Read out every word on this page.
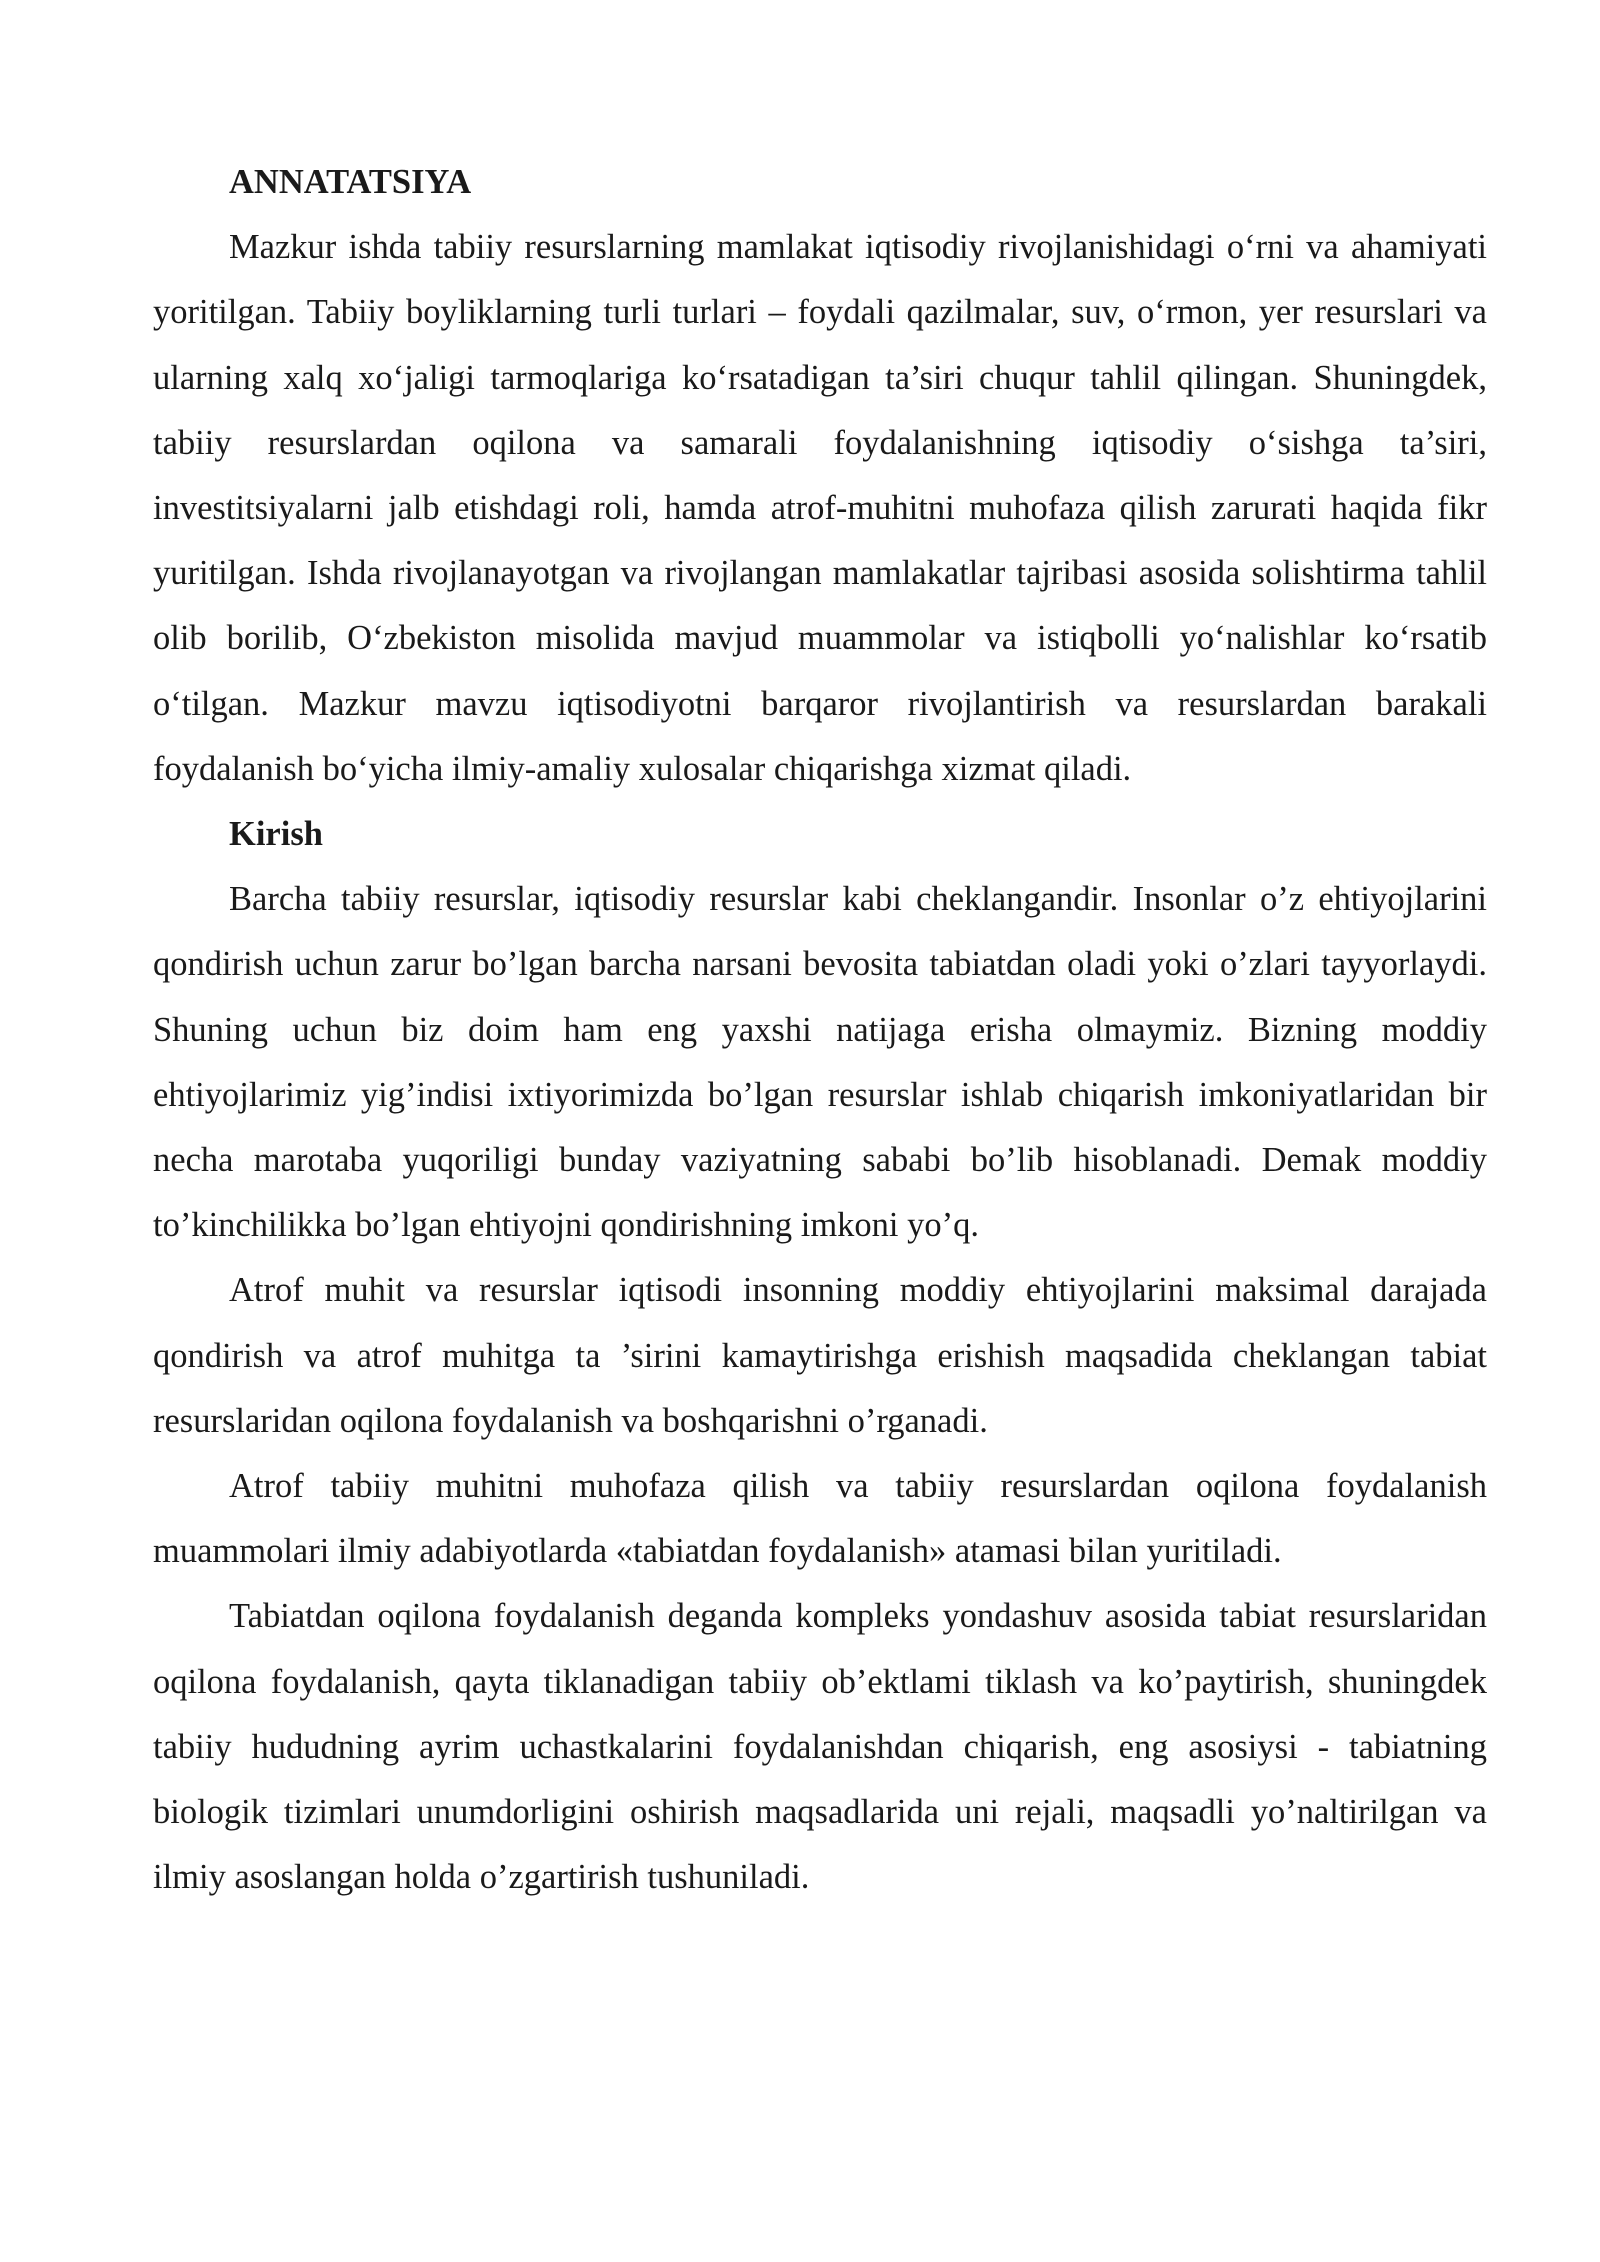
ANNATATSIYA

Mazkur ishda tabiiy resurslarning mamlakat iqtisodiy rivojlanishidagi o‘rni va ahamiyati yoritilgan. Tabiiy boyliklarning turli turlari – foydali qazilmalar, suv, o‘rmon, yer resurslari va ularning xalq xo‘jaligi tarmoqlariga ko‘rsatadigan ta’siri chuqur tahlil qilingan. Shuningdek, tabiiy resurslardan oqilona va samarali foydalanishning iqtisodiy o‘sishga ta’siri, investitsiyalarni jalb etishdagi roli, hamda atrof-muhitni muhofaza qilish zarurati haqida fikr yuritilgan. Ishda rivojlanayotgan va rivojlangan mamlakatlar tajribasi asosida solishtirma tahlil olib borilib, O‘zbekiston misolida mavjud muammolar va istiqbolli yo‘nalishlar ko‘rsatib o‘tilgan. Mazkur mavzu iqtisodiyotni barqaror rivojlantirish va resurslardan barakali foydalanish bo‘yicha ilmiy-amaliy xulosalar chiqarishga xizmat qiladi.

Kirish

Barcha tabiiy resurslar, iqtisodiy resurslar kabi cheklangandir. Insonlar o’z ehtiyojlarini qondirish uchun zarur bo’lgan barcha narsani bevosita tabiatdan oladi yoki o’zlari tayyorlaydi. Shuning uchun biz doim ham eng yaxshi natijaga erisha olmaymiz. Bizning moddiy ehtiyojlarimiz yig’indisi ixtiyorimizda bo’lgan resurslar ishlab chiqarish imkoniyatlaridan bir necha marotaba yuqoriligi bunday vaziyatning sababi bo’lib hisoblanadi. Demak moddiy to’kinchilikka bo’lgan ehtiyojni qondirishning imkoni yo’q.

Atrof muhit va resurslar iqtisodi insonning moddiy ehtiyojlarini maksimal darajada qondirish va atrof muhitga ta ’sirini kamaytirishga erishish maqsadida cheklangan tabiat resurslaridan oqilona foydalanish va boshqarishni o’rganadi.

Atrof tabiiy muhitni muhofaza qilish va tabiiy resurslardan oqilona foydalanish muammolari ilmiy adabiyotlarda «tabiatdan foydalanish» atamasi bilan yuritiladi.

Tabiatdan oqilona foydalanish deganda kompleks yondashuv asosida tabiat resurslaridan oqilona foydalanish, qayta tiklanadigan tabiiy ob’ektlami tiklash va ko’paytirish, shuningdek tabiiy hududning ayrim uchastkalarini foydalanishdan chiqarish, eng asosiysi - tabiatning biologik tizimlari unumdorligini oshirish maqsadlarida uni rejali, maqsadli yo’naltirilgan va ilmiy asoslangan holda o’zgartirish tushuniladi.
